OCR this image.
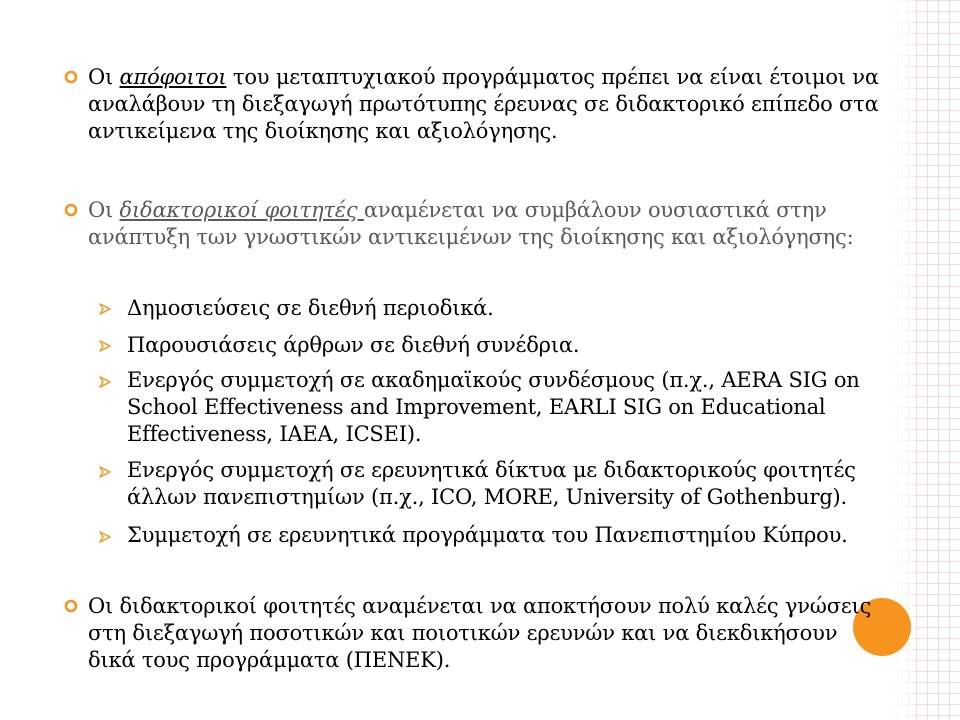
Οι απόφοιτοι του μεταπτυχιακού προγράμματος πρέπει να είναι έτοιμοι να αναλάβουν τη διεξαγωγή πρωτότυπης έρευνας σε διδακτορικό επίπεδο στα αντικείμενα της διοίκησης και αξιολόγησης.
Οι διδακτορικοί φοιτητές αναμένεται να συμβάλουν ουσιαστικά στην ανάπτυξη των γνωστικών αντικειμένων της διοίκησης και αξιολόγησης:
Δημοσιεύσεις σε διεθνή περιοδικά.
Παρουσιάσεις άρθρων σε διεθνή συνέδρια.
Ενεργός συμμετοχή σε ακαδημαϊκούς συνδέσμους (π.χ., AERA SIG on School Effectiveness and Improvement, EARLI SIG on Educational Effectiveness, IAEA, ICSEI).
Ενεργός συμμετοχή σε ερευνητικά δίκτυα με διδακτορικούς φοιτητές άλλων πανεπιστημίων (π.χ., ICO, MORE, University of Gothenburg).
Συμμετοχή σε ερευνητικά προγράμματα του Πανεπιστημίου Κύπρου.
Οι διδακτορικοί φοιτητές αναμένεται να αποκτήσουν πολύ καλές γνώσεις στη διεξαγωγή ποσοτικών και ποιοτικών ερευνών και να διεκδικήσουν δικά τους προγράμματα (ΠΕΝΕΚ).
